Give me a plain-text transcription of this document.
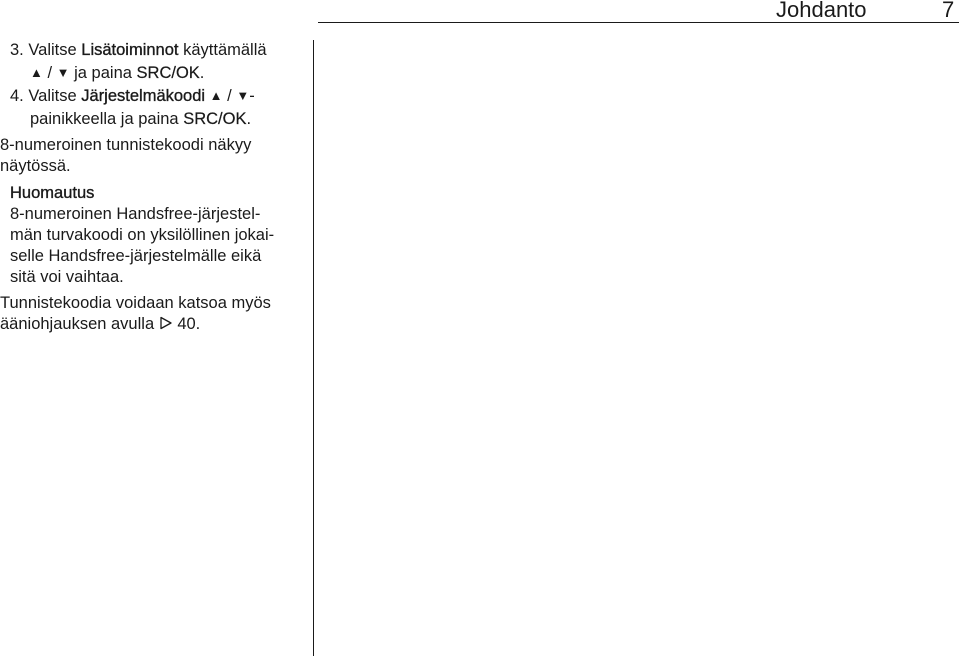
Johdanto	7
3. Valitse Lisätoiminnot käyttämällä
▲ / ▼ ja paina SRC/OK.
4. Valitse Järjestelmäkoodi ▲ / ▼-
painikkeella ja paina SRC/OK.
8-numeroinen tunnistekoodi näkyy
näytössä.
Huomautus
8-numeroinen Handsfree-järjestel-
män turvakoodi on yksilöllinen jokai-
selle Handsfree-järjestelmälle eikä
sitä voi vaihtaa.
Tunnistekoodia voidaan katsoa myös
ääniohjauksen avulla 40.
